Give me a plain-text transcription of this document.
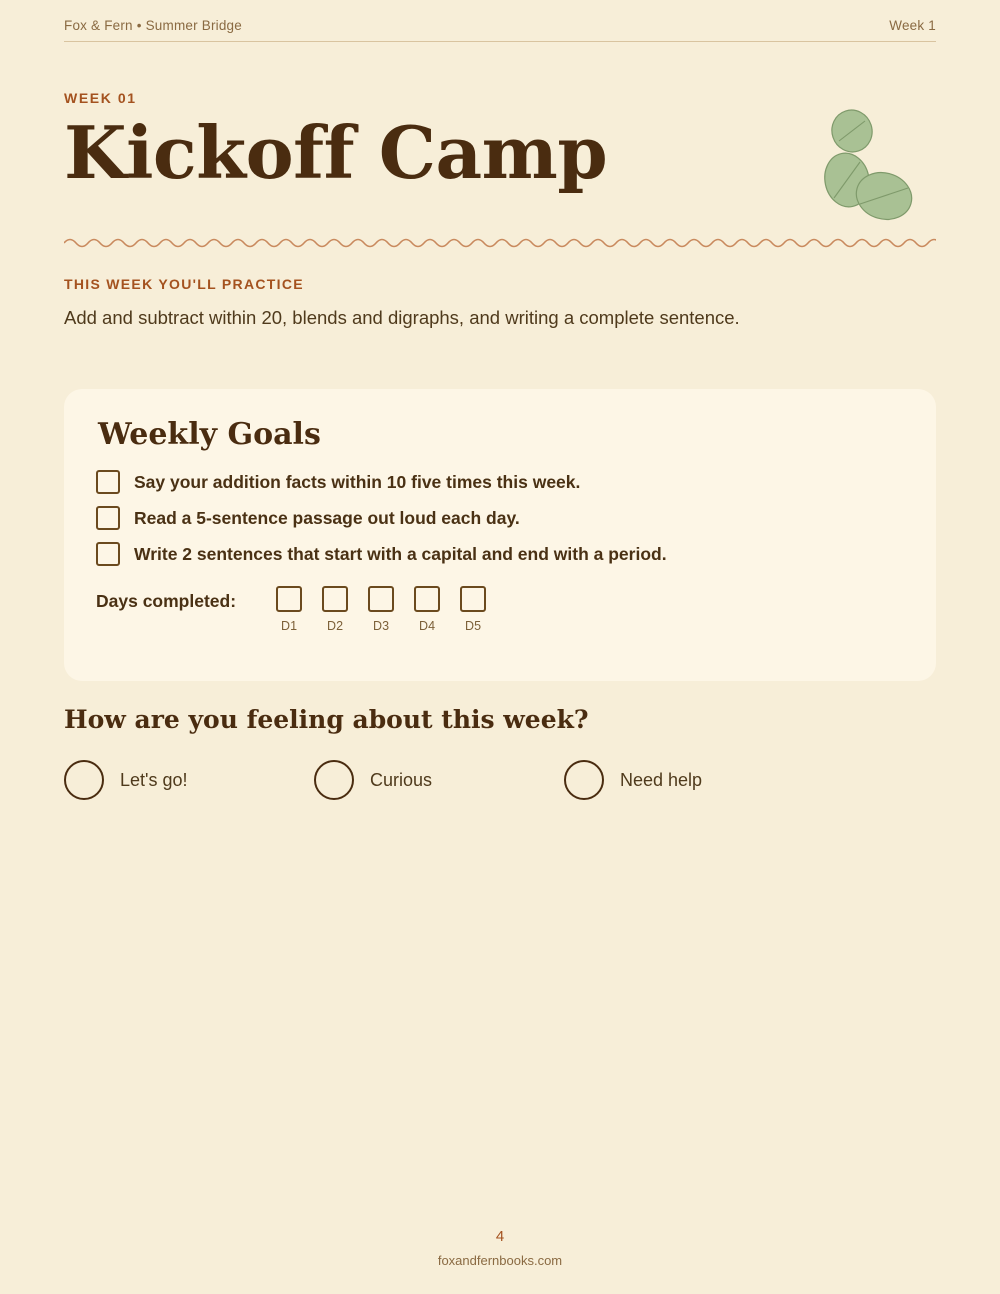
Fox & Fern • Summer Bridge	Week 1
WEEK 01
Kickoff Camp
THIS WEEK YOU'LL PRACTICE
Add and subtract within 20, blends and digraphs, and writing a complete sentence.
Weekly Goals
Say your addition facts within 10 five times this week.
Read a 5-sentence passage out loud each day.
Write 2 sentences that start with a capital and end with a period.
Days completed:
D1 D2 D3 D4 D5
How are you feeling about this week?
Let's go!	Curious	Need help
4
foxandfernbooks.com
